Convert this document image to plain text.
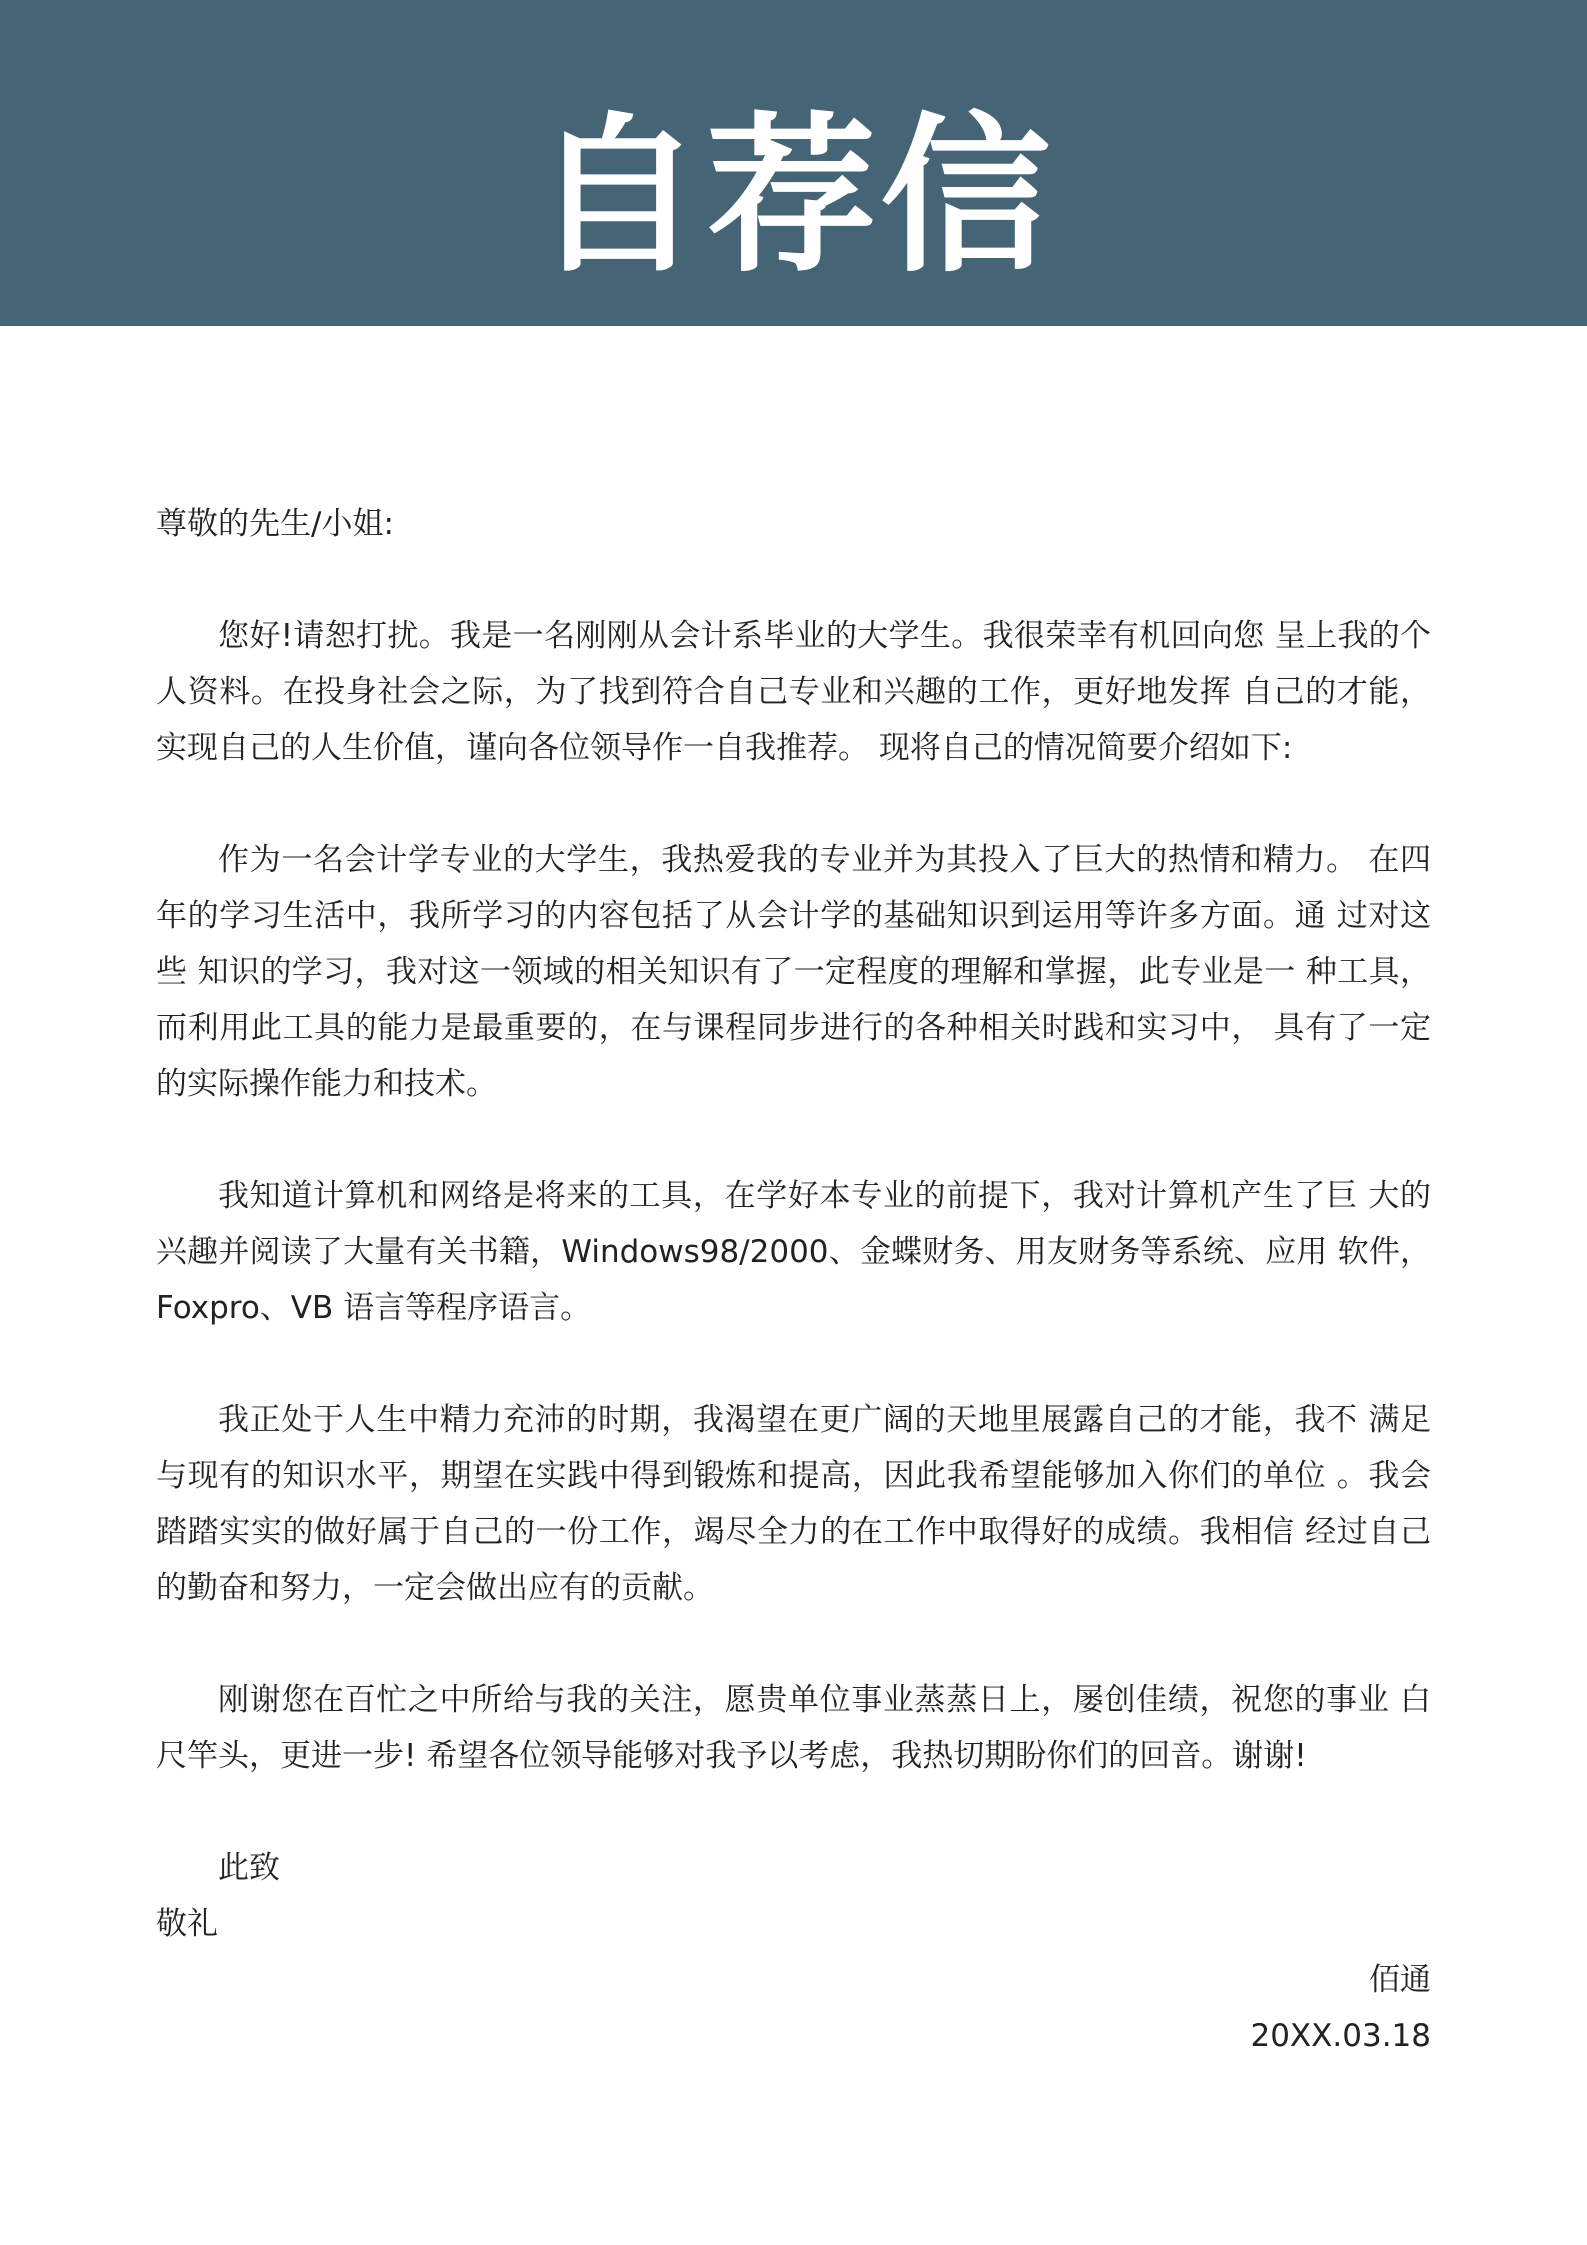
自荐信

尊敬的先生/小姐:

您好!请恕打扰。我是一名刚刚从会计系毕业的大学生。我很荣幸有机回向您 呈上我的个人资料。在投身社会之际，为了找到符合自己专业和兴趣的工作，更好地发挥 自己的才能，实现自己的人生价值，谨向各位领导作一自我推荐。 现将自己的情况简要介绍如下:

作为一名会计学专业的大学生，我热爱我的专业并为其投入了巨大的热情和精力。 在四年的学习生活中，我所学习的内容包括了从会计学的基础知识到运用等许多方面。通 过对这些 知识的学习，我对这一领域的相关知识有了一定程度的理解和掌握，此专业是一 种工具，而利用此工具的能力是最重要的，在与课程同步进行的各种相关时践和实习中， 具有了一定的实际操作能力和技术。

我知道计算机和网络是将来的工具，在学好本专业的前提下，我对计算机产生了巨 大的兴趣并阅读了大量有关书籍，Windows98/2000、金蝶财务、用友财务等系统、应用 软件，Foxpro、VB 语言等程序语言。

我正处于人生中精力充沛的时期，我渴望在更广阔的天地里展露自己的才能，我不 满足与现有的知识水平，期望在实践中得到锻炼和提高，因此我希望能够加入你们的单位 。我会踏踏实实的做好属于自己的一份工作，竭尽全力的在工作中取得好的成绩。我相信 经过自己的勤奋和努力，一定会做出应有的贡献。

刚谢您在百忙之中所给与我的关注，愿贵单位事业蒸蒸日上，屡创佳绩，祝您的事业 白尺竿头，更进一步! 希望各位领导能够对我予以考虑，我热切期盼你们的回音。谢谢!

此致

敬礼

佰通

20XX.03.18
